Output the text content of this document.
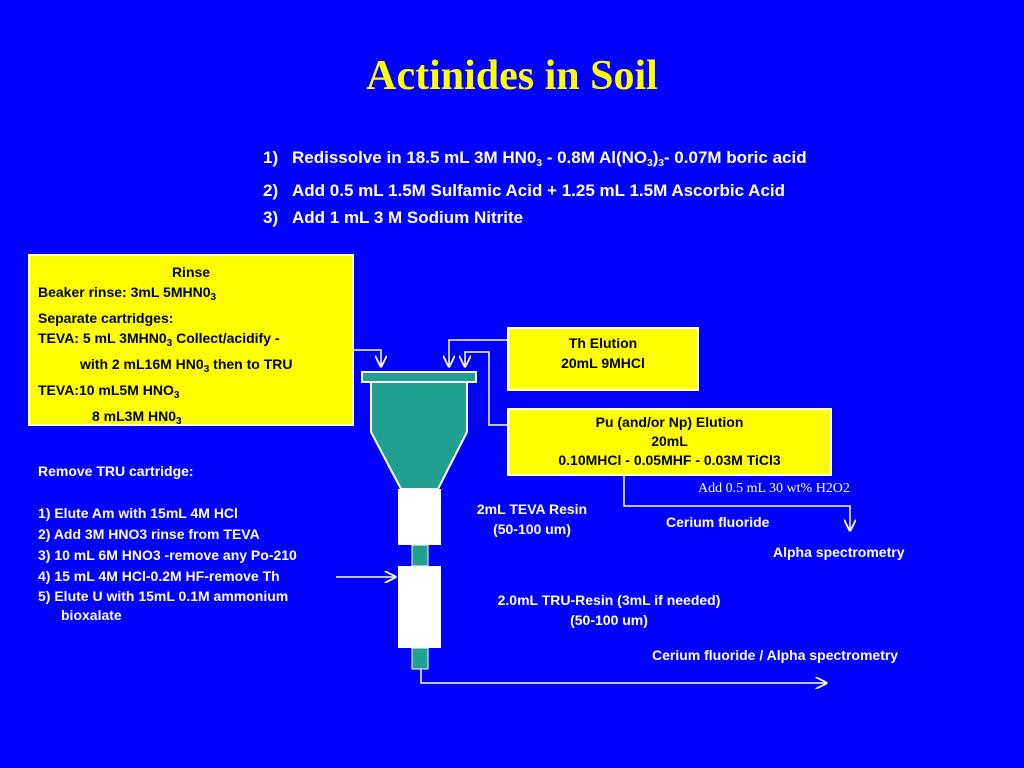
Actinides in Soil
1) Redissolve in 18.5 mL 3M $HN0_3 - 0.8M$ $Al(NO_3)_3-$ 0.07M boric acid
2) Add 0.5 mL 1.5M Sulfamic Acid + 1.25 mL 1.5M Ascorbic Acid
3) Add 1 mL 3 M Sodium Nitrite
Rinse
Beaker rinse: 3mL $5MHN0_3$
Separate cartridges:
TEVA: 5 mL $3MHN0_3$ Collect/acidify -
with 2 mL16M $HN0_3$ then to TRU
TEVA:10 mL5M $HNO_3$
8 mL3M $HN0_3$
Th Elution
20mL 9MHCl
Pu (and/or Np) Elution
20mL
0.10MHCl - 0.05MHF - 0.03M TiCl3
Add 0.5 mL 30 wt% H2O2
Cerium fluoride
Alpha spectrometry
2mL TEVA Resin
(50-100 um)
2.0mL TRU-Resin (3mL if needed)
(50-100 um)
Cerium fluoride / Alpha spectrometry
Remove TRU cartridge:
1) Elute Am with 15mL 4M HCl
2) Add 3M HNO3 rinse from TEVA
3) 10 mL 6M HNO3 -remove any Po-210
4) 15 mL 4M HCl-0.2M HF-remove Th
5) Elute U with 15mL 0.1M ammonium
bioxalate
